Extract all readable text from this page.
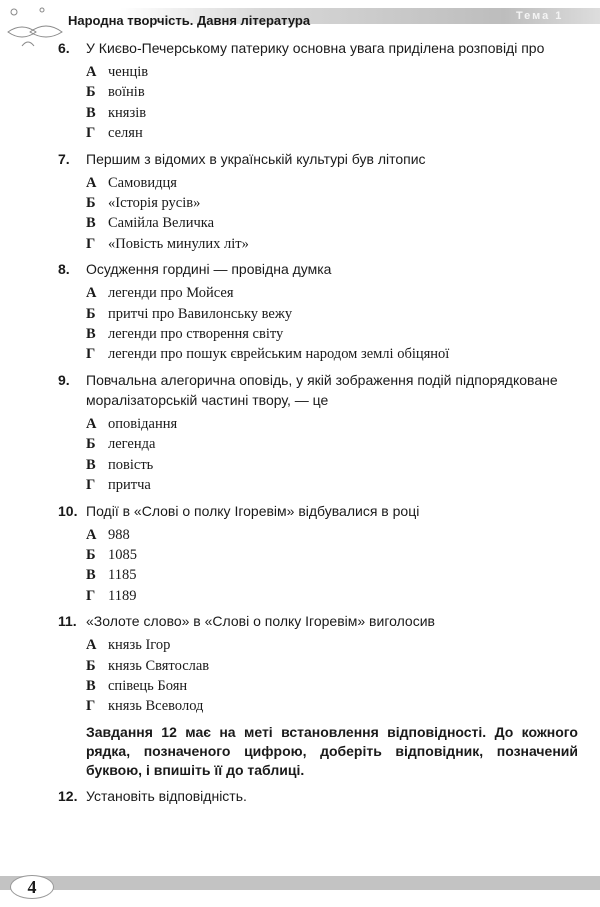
Народна творчість. Давня література	Тема 1
6.	У Києво-Печерському патерику основна увага приділена розповіді про
А ченців
Б воїнів
В князів
Г селян
7.	Першим з відомих в українській культурі був літопис
А Самовидця
Б «Історія русів»
В Самійла Величка
Г «Повість минулих літ»
8.	Осудження гордині — провідна думка
А легенди про Мойсея
Б притчі про Вавилонську вежу
В легенди про створення світу
Г легенди про пошук єврейським народом землі обіцяної
9.	Повчальна алегорична оповідь, у якій зображення подій підпорядковане моралізаторській частині твору, — це
А оповідання
Б легенда
В повість
Г притча
10. Події в «Слові о полку Ігоревім» відбувалися в році
А 988
Б 1085
В 1185
Г 1189
11. «Золоте слово» в «Слові о полку Ігоревім» виголосив
А князь Ігор
Б князь Святослав
В співець Боян
Г князь Всеволод
Завдання 12 має на меті встановлення відповідності. До кожного рядка, позначеного цифрою, доберіть відповідник, позначений буквою, і впишіть її до таблиці.
12. Установіть відповідність.
4
